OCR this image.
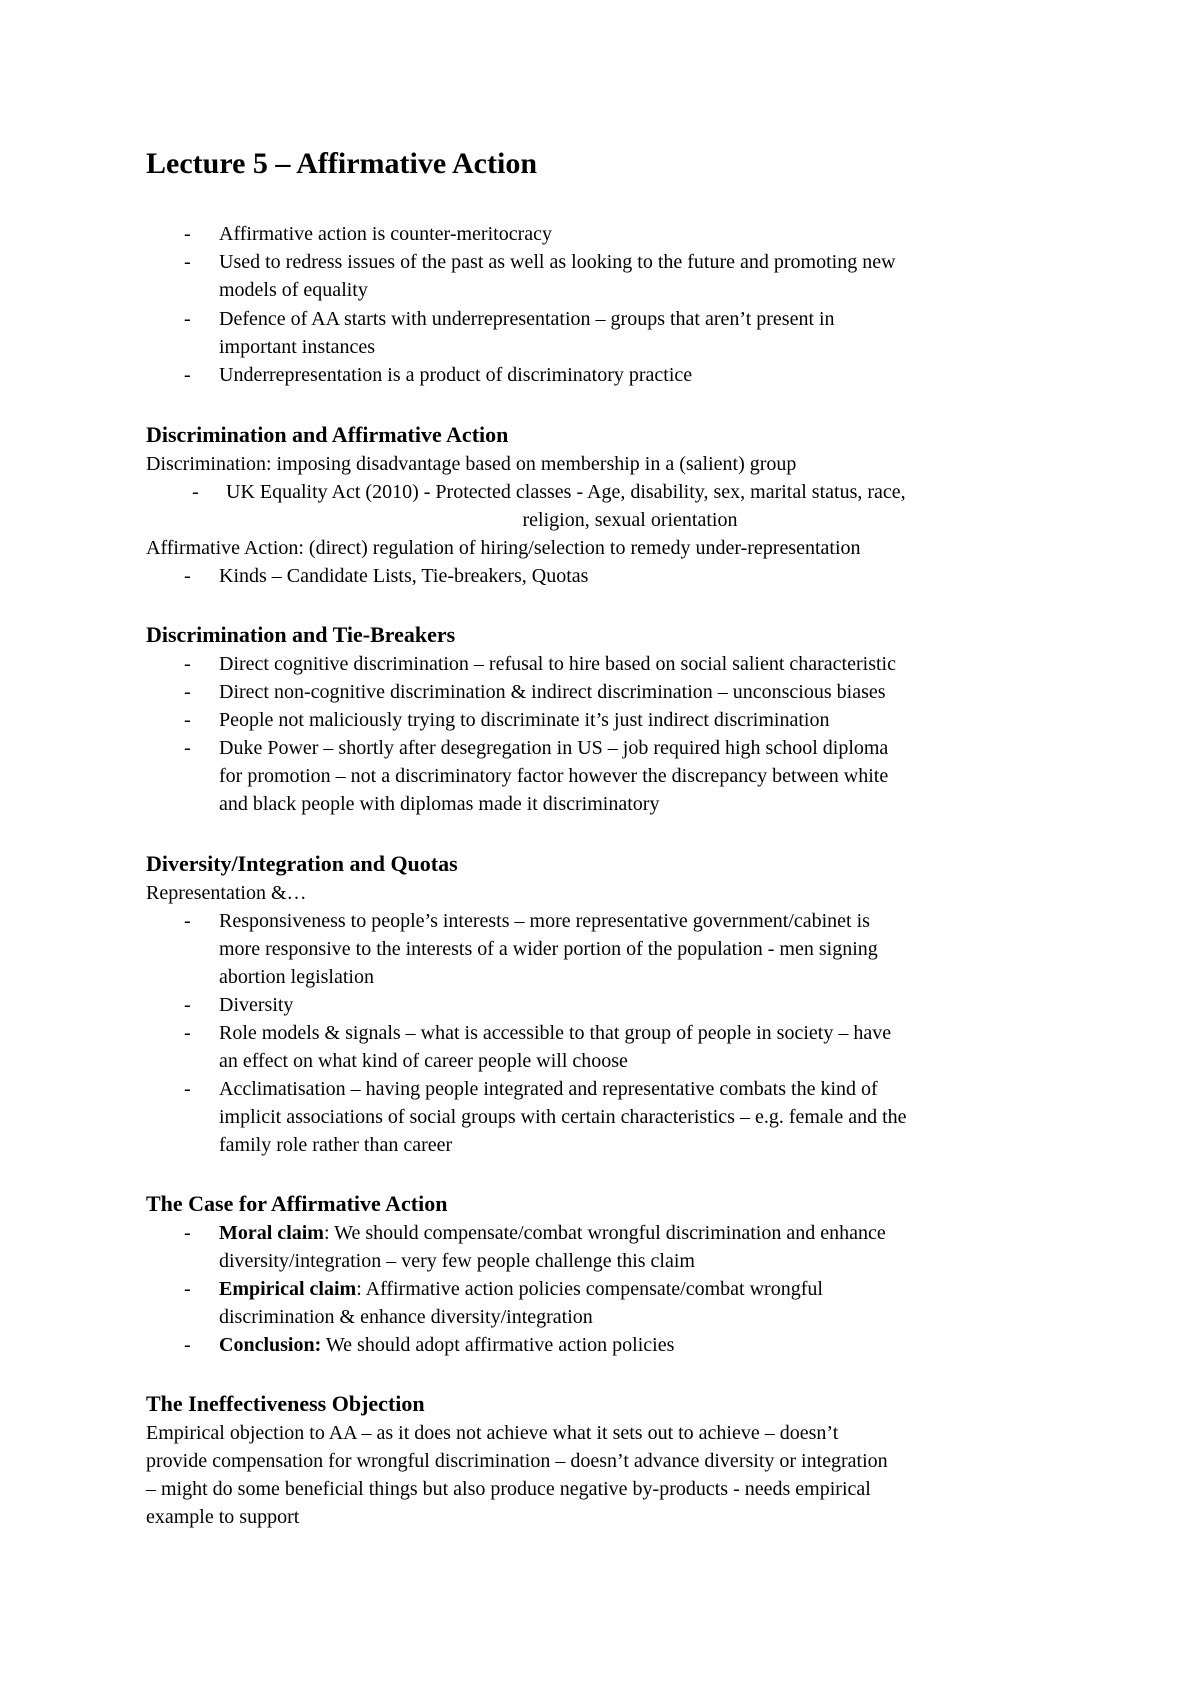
Lecture 5 – Affirmative Action
- Affirmative action is counter-meritocracy
- Used to redress issues of the past as well as looking to the future and promoting new
models of equality
- Defence of AA starts with underrepresentation – groups that aren’t present in
important instances
- Underrepresentation is a product of discriminatory practice
Discrimination and Affirmative Action
Discrimination: imposing disadvantage based on membership in a (salient) group
- UK Equality Act (2010) - Protected classes - Age, disability, sex, marital status, race,
religion, sexual orientation
Affirmative Action: (direct) regulation of hiring/selection to remedy under-representation
- Kinds – Candidate Lists, Tie-breakers, Quotas
Discrimination and Tie-Breakers
- Direct cognitive discrimination – refusal to hire based on social salient characteristic
- Direct non-cognitive discrimination & indirect discrimination – unconscious biases
- People not maliciously trying to discriminate it’s just indirect discrimination
- Duke Power – shortly after desegregation in US – job required high school diploma
for promotion – not a discriminatory factor however the discrepancy between white
and black people with diplomas made it discriminatory
Diversity/Integration and Quotas
Representation &…
- Responsiveness to people’s interests – more representative government/cabinet is
more responsive to the interests of a wider portion of the population - men signing
abortion legislation
- Diversity
- Role models & signals – what is accessible to that group of people in society – have
an effect on what kind of career people will choose
- Acclimatisation – having people integrated and representative combats the kind of
implicit associations of social groups with certain characteristics – e.g. female and the
family role rather than career
The Case for Affirmative Action
- Moral claim: We should compensate/combat wrongful discrimination and enhance
diversity/integration – very few people challenge this claim
- Empirical claim: Affirmative action policies compensate/combat wrongful
discrimination & enhance diversity/integration
- Conclusion: We should adopt affirmative action policies
The Ineffectiveness Objection
Empirical objection to AA – as it does not achieve what it sets out to achieve – doesn’t
provide compensation for wrongful discrimination – doesn’t advance diversity or integration
– might do some beneficial things but also produce negative by-products - needs empirical
example to support
